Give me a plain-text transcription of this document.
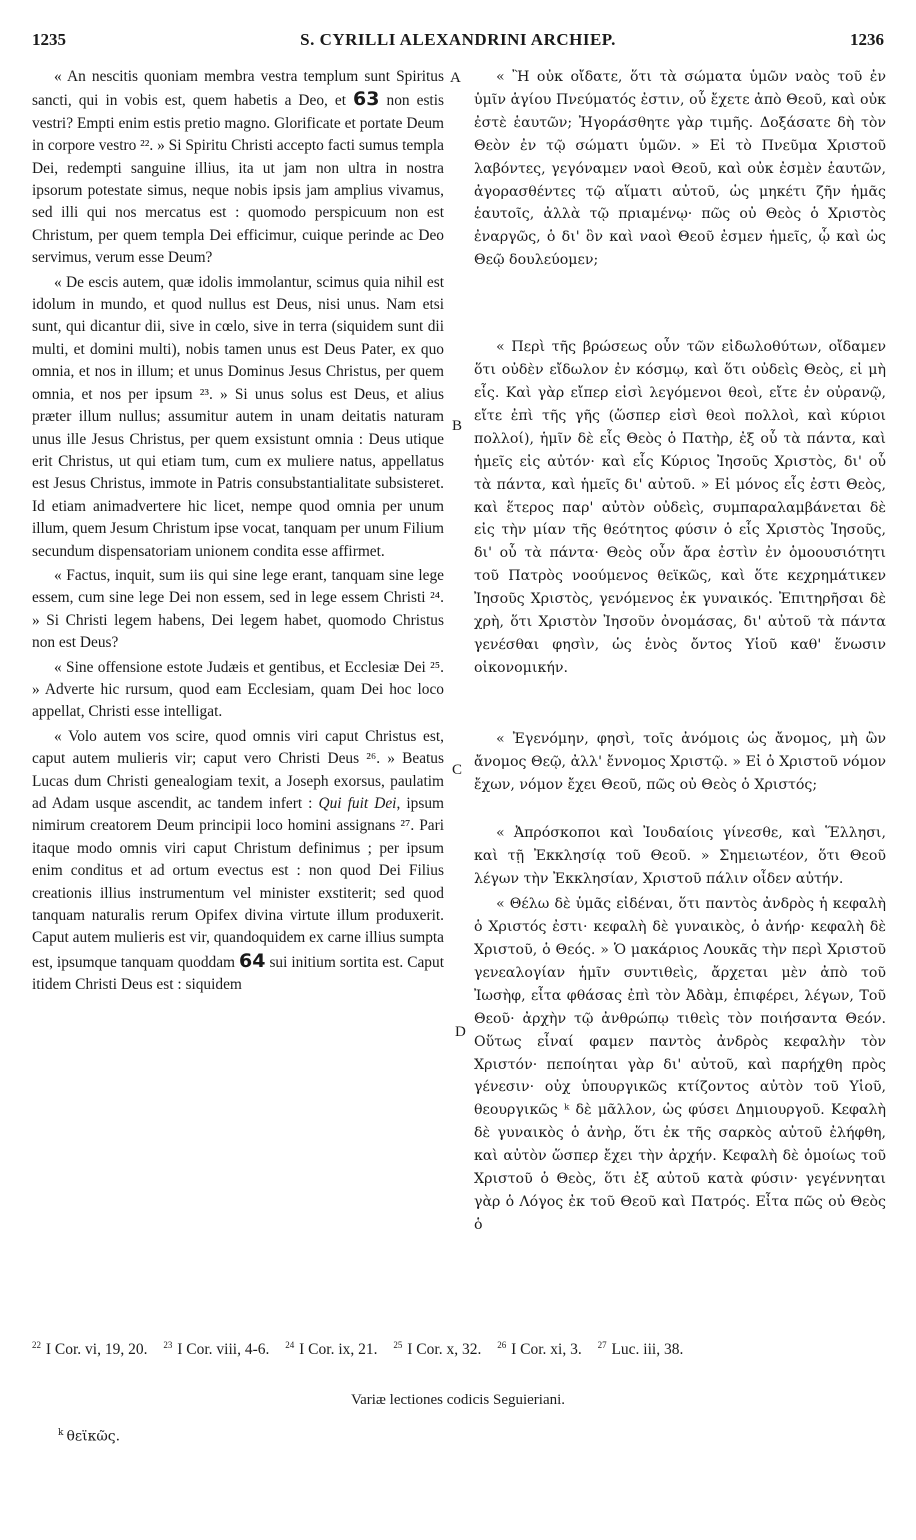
1235	S. CYRILLI ALEXANDRINI ARCHIEP.	1236
A
B
C
D

« An nescitis quoniam membra vestra templum sunt Spiritus sancti, qui in vobis est, quem habetis a Deo, et 63 non estis vestri? Empti enim estis pretio magno. Glorificate et portate Deum in corpore vestro ²². » Si Spiritu Christi accepto facti sumus templa Dei, redempti sanguine illius, ita ut jam non ultra in nostra ipsorum potestate simus, neque nobis ipsis jam amplius vivamus, sed illi qui nos mercatus est : quomodo perspicuum non est Christum, per quem templa Dei efficimur, cuique perinde ac Deo servimus, verum esse Deum?

« De escis autem, quæ idolis immolantur, scimus quia nihil est idolum in mundo, et quod nullus est Deus, nisi unus. Nam etsi sunt, qui dicantur dii, sive in cœlo, sive in terra (siquidem sunt dii multi, et domini multi), nobis tamen unus est Deus Pater, ex quo omnia, et nos in illum; et unus Dominus Jesus Christus, per quem omnia, et nos per ipsum ²³. » Si unus solus est Deus, et alius præter illum nullus; assumitur autem in unam deitatis naturam unus ille Jesus Christus, per quem exsistunt omnia : Deus utique erit Christus, ut qui etiam tum, cum ex muliere natus, appellatus est Jesus Christus, immote in Patris consubstantialitate subsisteret. Id etiam animadvertere hic licet, nempe quod omnia per unum illum, quem Jesum Christum ipse vocat, tanquam per unum Filium secundum dispensatoriam unionem condita esse affirmet.

« Factus, inquit, sum iis qui sine lege erant, tanquam sine lege essem, cum sine lege Dei non essem, sed in lege essem Christi ²⁴. » Si Christi legem habens, Dei legem habet, quomodo Christus non est Deus?

« Sine offensione estote Judæis et gentibus, et Ecclesiæ Dei ²⁵. » Adverte hic rursum, quod eam Ecclesiam, quam Dei hoc loco appellat, Christi esse intelligat.

« Volo autem vos scire, quod omnis viri caput Christus est, caput autem mulieris vir; caput vero Christi Deus ²⁶. » Beatus Lucas dum Christi genealogiam texit, a Joseph exorsus, paulatim ad Adam usque ascendit, ac tandem infert : Qui fuit Dei, ipsum nimirum creatorem Deum principii loco homini assignans ²⁷. Pari itaque modo omnis viri caput Christum definimus ; per ipsum enim conditus et ad ortum evectus est : non quod Dei Filius creationis illius instrumentum vel minister exstiterit; sed quod tanquam naturalis rerum Opifex divina virtute illum produxerit. Caput autem mulieris est vir, quandoquidem ex carne illius sumpta est, ipsumque tanquam quoddam 64 sui initium sortita est. Caput itidem Christi Deus est : siquidem

« Ἢ οὐκ οἴδατε, ὅτι τὰ σώματα ὑμῶν ναὸς τοῦ ἐν ὑμῖν ἁγίου Πνεύματός ἐστιν, οὗ ἔχετε ἀπὸ Θεοῦ, καὶ οὐκ ἐστὲ ἑαυτῶν; Ἠγοράσθητε γὰρ τιμῆς. Δοξάσατε δὴ τὸν Θεὸν ἐν τῷ σώματι ὑμῶν. » Εἰ τὸ Πνεῦμα Χριστοῦ λαβόντες, γεγόναμεν ναοὶ Θεοῦ, καὶ οὐκ ἐσμὲν ἑαυτῶν, ἀγορασθέντες τῷ αἵματι αὐτοῦ, ὡς μηκέτι ζῆν ἡμᾶς ἑαυτοῖς, ἀλλὰ τῷ πριαμένῳ· πῶς οὐ Θεὸς ὁ Χριστὸς ἐναργῶς, ὁ δι' ὃν καὶ ναοὶ Θεοῦ ἐσμεν ἡμεῖς, ᾧ καὶ ὡς Θεῷ δουλεύομεν;

« Περὶ τῆς βρώσεως οὖν τῶν εἰδωλοθύτων, οἴδαμεν ὅτι οὐδὲν εἴδωλον ἐν κόσμῳ, καὶ ὅτι οὐδεὶς Θεὸς, εἰ μὴ εἷς. Καὶ γὰρ εἴπερ εἰσὶ λεγόμενοι θεοὶ, εἴτε ἐν οὐρανῷ, εἴτε ἐπὶ τῆς γῆς (ὥσπερ εἰσὶ θεοὶ πολλοὶ, καὶ κύριοι πολλοί), ἡμῖν δὲ εἷς Θεὸς ὁ Πατὴρ, ἐξ οὗ τὰ πάντα, καὶ ἡμεῖς εἰς αὐτόν· καὶ εἷς Κύριος Ἰησοῦς Χριστὸς, δι' οὗ τὰ πάντα, καὶ ἡμεῖς δι' αὐτοῦ. » Εἰ μόνος εἷς ἐστι Θεὸς, καὶ ἕτερος παρ' αὐτὸν οὐδεὶς, συμπαραλαμβάνεται δὲ εἰς τὴν μίαν τῆς θεότητος φύσιν ὁ εἷς Χριστὸς Ἰησοῦς, δι' οὗ τὰ πάντα· Θεὸς οὖν ἄρα ἐστὶν ἐν ὁμοουσιότητι τοῦ Πατρὸς νοούμενος θεϊκῶς, καὶ ὅτε κεχρημάτικεν Ἰησοῦς Χριστὸς, γενόμενος ἐκ γυναικός. Ἐπιτηρῆσαι δὲ χρὴ, ὅτι Χριστὸν Ἰησοῦν ὀνομάσας, δι' αὐτοῦ τὰ πάντα γενέσθαι φησὶν, ὡς ἑνὸς ὄντος Υἱοῦ καθ' ἕνωσιν οἰκονομικήν.

« Ἐγενόμην, φησὶ, τοῖς ἀνόμοις ὡς ἄνομος, μὴ ὢν ἄνομος Θεῷ, ἀλλ' ἔννομος Χριστῷ. » Εἰ ὁ Χριστοῦ νόμον ἔχων, νόμον ἔχει Θεοῦ, πῶς οὐ Θεὸς ὁ Χριστός;

« Ἀπρόσκοποι καὶ Ἰουδαίοις γίνεσθε, καὶ Ἕλλησι, καὶ τῇ Ἐκκλησίᾳ τοῦ Θεοῦ. » Σημειωτέον, ὅτι Θεοῦ λέγων τὴν Ἐκκλησίαν, Χριστοῦ πάλιν οἶδεν αὐτήν.

« Θέλω δὲ ὑμᾶς εἰδέναι, ὅτι παντὸς ἀνδρὸς ἡ κεφαλὴ ὁ Χριστός ἐστι· κεφαλὴ δὲ γυναικὸς, ὁ ἀνήρ· κεφαλὴ δὲ Χριστοῦ, ὁ Θεός. » Ὁ μακάριος Λουκᾶς τὴν περὶ Χριστοῦ γενεαλογίαν ἡμῖν συντιθεὶς, ἄρχεται μὲν ἀπὸ τοῦ Ἰωσὴφ, εἶτα φθάσας ἐπὶ τὸν Ἀδὰμ, ἐπιφέρει, λέγων, Τοῦ Θεοῦ· ἀρχὴν τῷ ἀνθρώπῳ τιθεὶς τὸν ποιήσαντα Θεόν. Οὕτως εἶναί φαμεν παντὸς ἀνδρὸς κεφαλὴν τὸν Χριστόν· πεποίηται γὰρ δι' αὐτοῦ, καὶ παρήχθη πρὸς γένεσιν· οὐχ ὑπουργικῶς κτίζοντος αὐτὸν τοῦ Υἱοῦ, θεουργικῶς ᵏ δὲ μᾶλλον, ὡς φύσει Δημιουργοῦ. Κεφαλὴ δὲ γυναικὸς ὁ ἀνὴρ, ὅτι ἐκ τῆς σαρκὸς αὐτοῦ ἐλήφθη, καὶ αὐτὸν ὥσπερ ἔχει τὴν ἀρχήν. Κεφαλὴ δὲ ὁμοίως τοῦ Χριστοῦ ὁ Θεὸς, ὅτι ἐξ αὐτοῦ κατὰ φύσιν· γεγέννηται γὰρ ὁ Λόγος ἐκ τοῦ Θεοῦ καὶ Πατρός. Εἶτα πῶς οὐ Θεὸς ὁ

$^{22}$ I Cor. vi, 19, 20. $^{23}$ I Cor. viii, 4-6. $^{24}$ I Cor. ix, 21. $^{25}$ I Cor. x, 32. $^{26}$ I Cor. xi, 3. $^{27}$ Luc. iii, 38.
Variæ lectiones codicis Seguieriani.
$^k$ θεϊκῶς.
